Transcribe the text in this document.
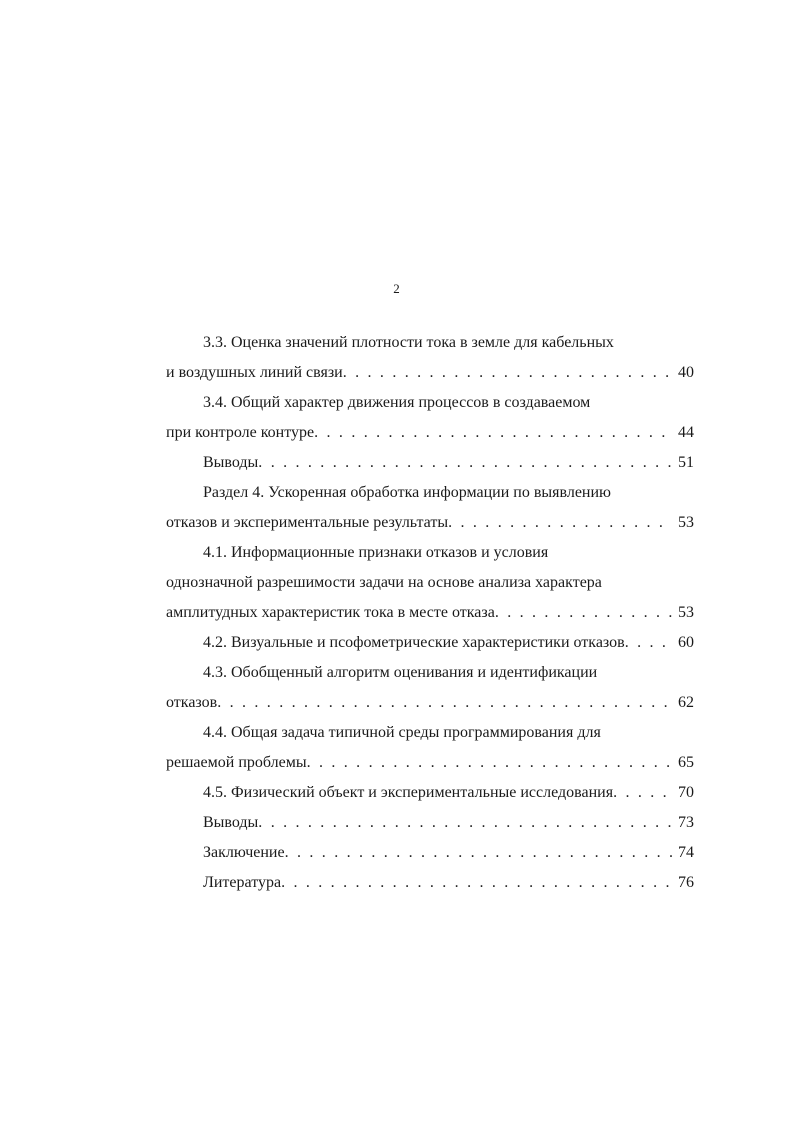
2
3.3. Оценка значений плотности тока в земле для кабельных
и воздушных линий связи . . .	40
3.4. Общий характер движения процессов в создаваемом
при контроле контуре . . .	44
Выводы . . .	51
Раздел 4. Ускоренная обработка информации по выявлению
отказов и экспериментальные результаты . . .	53
4.1. Информационные признаки отказов и условия
однозначной разрешимости задачи на основе анализа характера
амплитудных характеристик тока в месте отказа . . .	53
4.2. Визуальные и псофометрические характеристики отказов . . .	60
4.3. Обобщенный алгоритм оценивания и идентификации
отказов . . .	62
4.4. Общая задача типичной среды программирования для
решаемой проблемы . . .	65
4.5. Физический объект и экспериментальные исследования . . .	70
Выводы . . .	73
Заключение . . .	74
Литература . . .	76
